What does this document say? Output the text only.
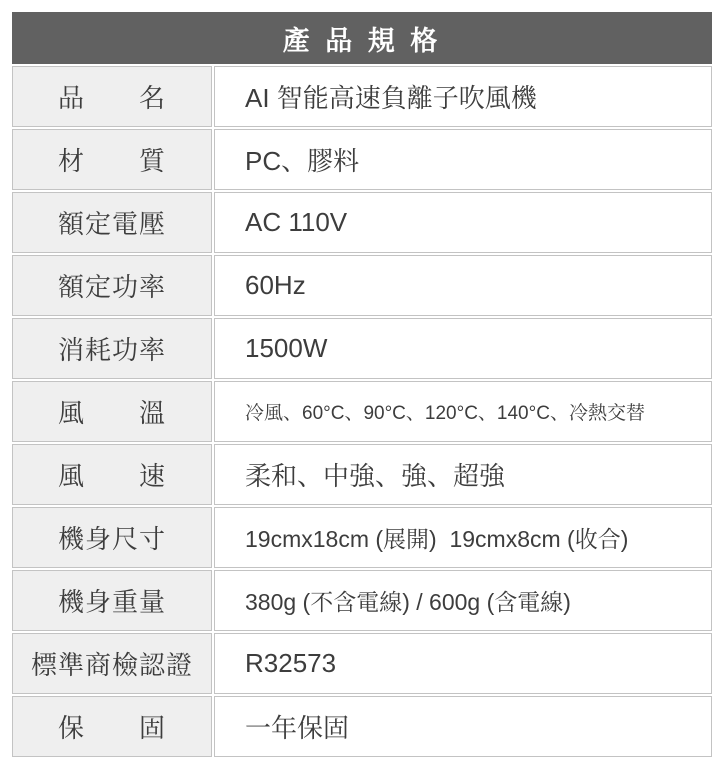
產 品 規 格
品　　名	AI 智能高速負離子吹風機
材　　質	PC、膠料
額定電壓	AC 110V
額定功率	60Hz
消耗功率	1500W
風　　溫	冷風、60°C、90°C、120°C、140°C、冷熱交替
風　　速	柔和、中強、強、超強
機身尺寸	19cmx18cm (展開)  19cmx8cm (收合)
機身重量	380g (不含電線) / 600g (含電線)
標準商檢認證	R32573
保　　固	一年保固
